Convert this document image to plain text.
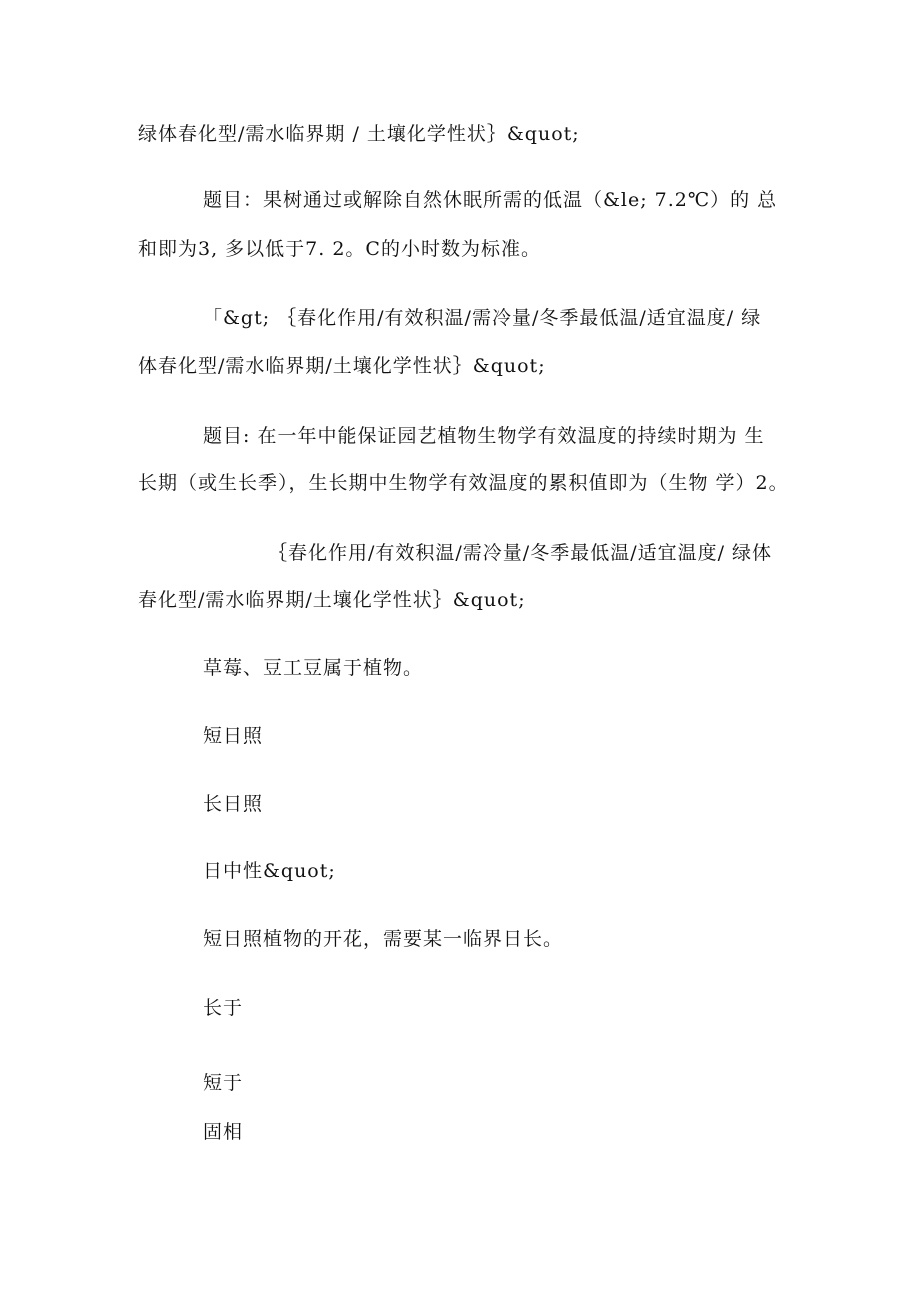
绿体春化型/需水临界期 / 土壤化学性状｝&quot;
题目：果树通过或解除自然休眠所需的低温（&le; 7.2℃）的 总
和即为3, 多以低于7. 2。C的小时数为标准。
「&gt; ｛春化作用/有效积温/需冷量/冬季最低温/适宜温度/ 绿
体春化型/需水临界期/土壤化学性状｝&quot;
题目: 在一年中能保证园艺植物生物学有效温度的持续时期为 生
长期（或生长季），生长期中生物学有效温度的累积值即为（生物 学）2。
｛春化作用/有效积温/需冷量/冬季最低温/适宜温度/ 绿体
春化型/需水临界期/土壤化学性状｝&quot;
草莓、豆工豆属于植物。
短日照
长日照
日中性&quot;
短日照植物的开花，需要某一临界日长。
长于
短于
固相
